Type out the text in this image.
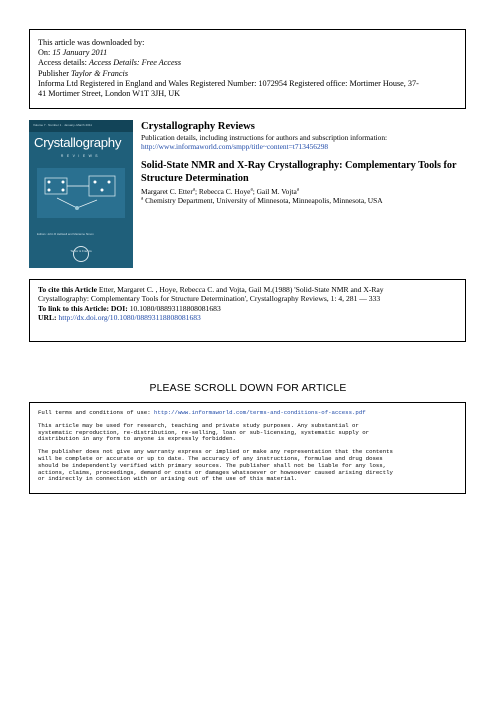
This article was downloaded by:
On: 15 January 2011
Access details: Access Details: Free Access
Publisher Taylor & Francis
Informa Ltd Registered in England and Wales Registered Number: 1072954 Registered office: Mortimer House, 37-
41 Mortimer Street, London W1T 3JH, UK
Volume 7 · Number 1 · January–March 2011
Crystallography
REVIEWS
Editors: John R Helliwell and Marianne Simon
Taylor & Francis
Crystallography Reviews
Publication details, including instructions for authors and subscription information:
http://www.informaworld.com/smpp/title~content=t713456298
Solid-State NMR and X-Ray Crystallography: Complementary Tools for Structure Determination
Margaret C. Etter$^a$; Rebecca C. Hoye$^a$; Gail M. Vojta$^a$
$^a$ Chemistry Department, University of Minnesota, Minneapolis, Minnesota, USA
To cite this Article Etter, Margaret C. , Hoye, Rebecca C. and Vojta, Gail M.(1988) 'Solid-State NMR and X-Ray
Crystallography: Complementary Tools for Structure Determination', Crystallography Reviews, 1: 4, 281 — 333
To link to this Article: DOI: 10.1080/08893118808081683
URL: http://dx.doi.org/10.1080/08893118808081683
PLEASE SCROLL DOWN FOR ARTICLE

Full terms and conditions of use: http://www.informaworld.com/terms-and-conditions-of-access.pdf

This article may be used for research, teaching and private study purposes. Any substantial or
systematic reproduction, re-distribution, re-selling, loan or sub-licensing, systematic supply or
distribution in any form to anyone is expressly forbidden.

The publisher does not give any warranty express or implied or make any representation that the contents
will be complete or accurate or up to date. The accuracy of any instructions, formulae and drug doses
should be independently verified with primary sources. The publisher shall not be liable for any loss,
actions, claims, proceedings, demand or costs or damages whatsoever or howsoever caused arising directly
or indirectly in connection with or arising out of the use of this material.
